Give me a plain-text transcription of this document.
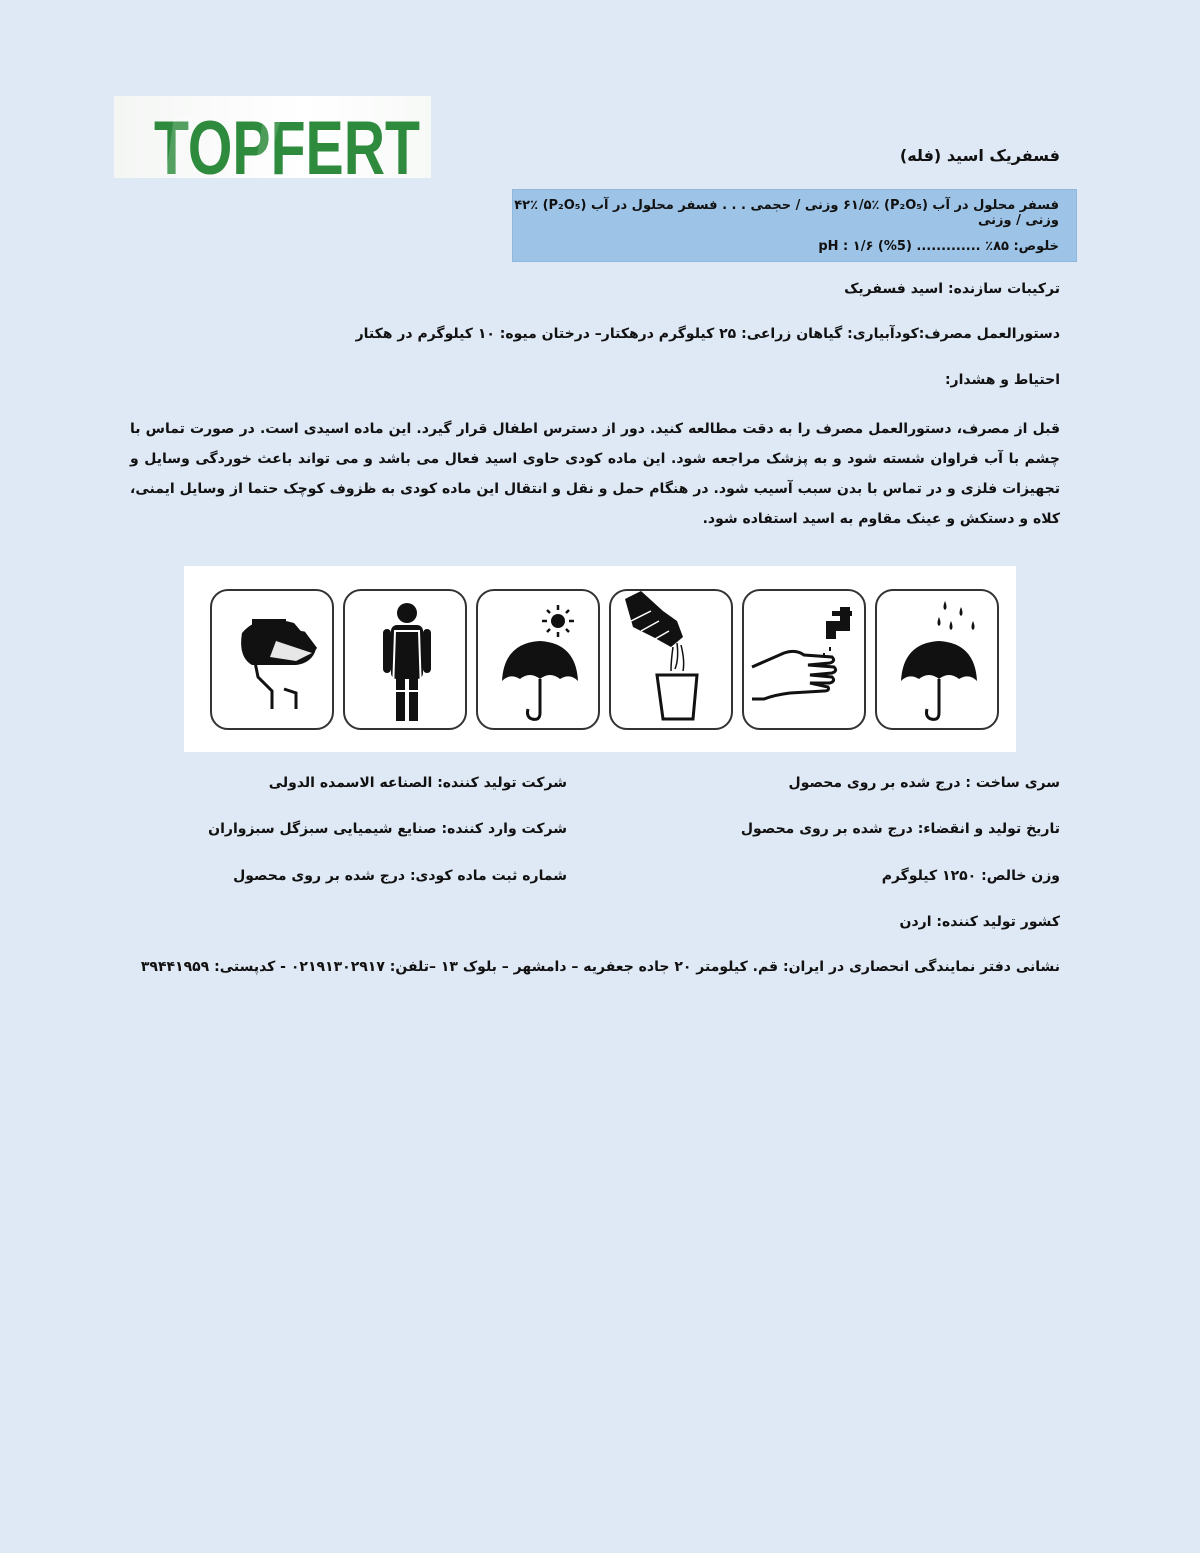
TOPFERT	فسفریک اسید (فله)
فسفر محلول در آب (P₂O₅) ۶۱/۵٪ وزنی / حجمی . . . فسفر محلول در آب (P₂O₅) ۴۲٪ وزنی / وزنی
خلوص: ۸۵٪ ............. (5%) pH : ۱/۶
ترکیبات سازنده: اسید فسفریک
دستورالعمل مصرف:کودآبیاری: گیاهان زراعی: ۲۵ کیلوگرم درهکتار– درختان میوه: ۱۰ کیلوگرم در هکتار
احتیاط و هشدار:
قبل از مصرف، دستورالعمل مصرف را به دقت مطالعه کنید. دور از دسترس اطفال قرار گیرد. این ماده اسیدی است. در صورت تماس با چشم با آب فراوان شسته شود و به پزشک مراجعه شود. این ماده کودی حاوی اسید فعال می باشد و می تواند باعث خوردگی وسایل و تجهیزات فلزی و در تماس با بدن سبب آسیب شود. در هنگام حمل و نقل و انتقال این ماده کودی به ظزوف کوچک حتما از وسایل ایمنی، کلاه و دستکش و عینک مقاوم به اسید استفاده شود.
سری ساخت : درج شده بر روی محصول
تاریخ تولید و انقضاء: درج شده بر روی محصول
وزن خالص: ۱۲۵۰ کیلوگرم
کشور تولید کننده: اردن
شرکت تولید کننده: الصناعه الاسمده الدولی
شرکت وارد کننده: صنایع شیمیایی سبزگل سبزواران
شماره ثبت ماده کودی: درج شده بر روی محصول
نشانی دفتر نمایندگی انحصاری در ایران: قم. کیلومتر ۲۰ جاده جعفریه – دامشهر – بلوک ۱۳ –تلفن: ۰۲۱۹۱۳۰۲۹۱۷ - کدپستی: ۳۹۴۴۱۹۵۹
